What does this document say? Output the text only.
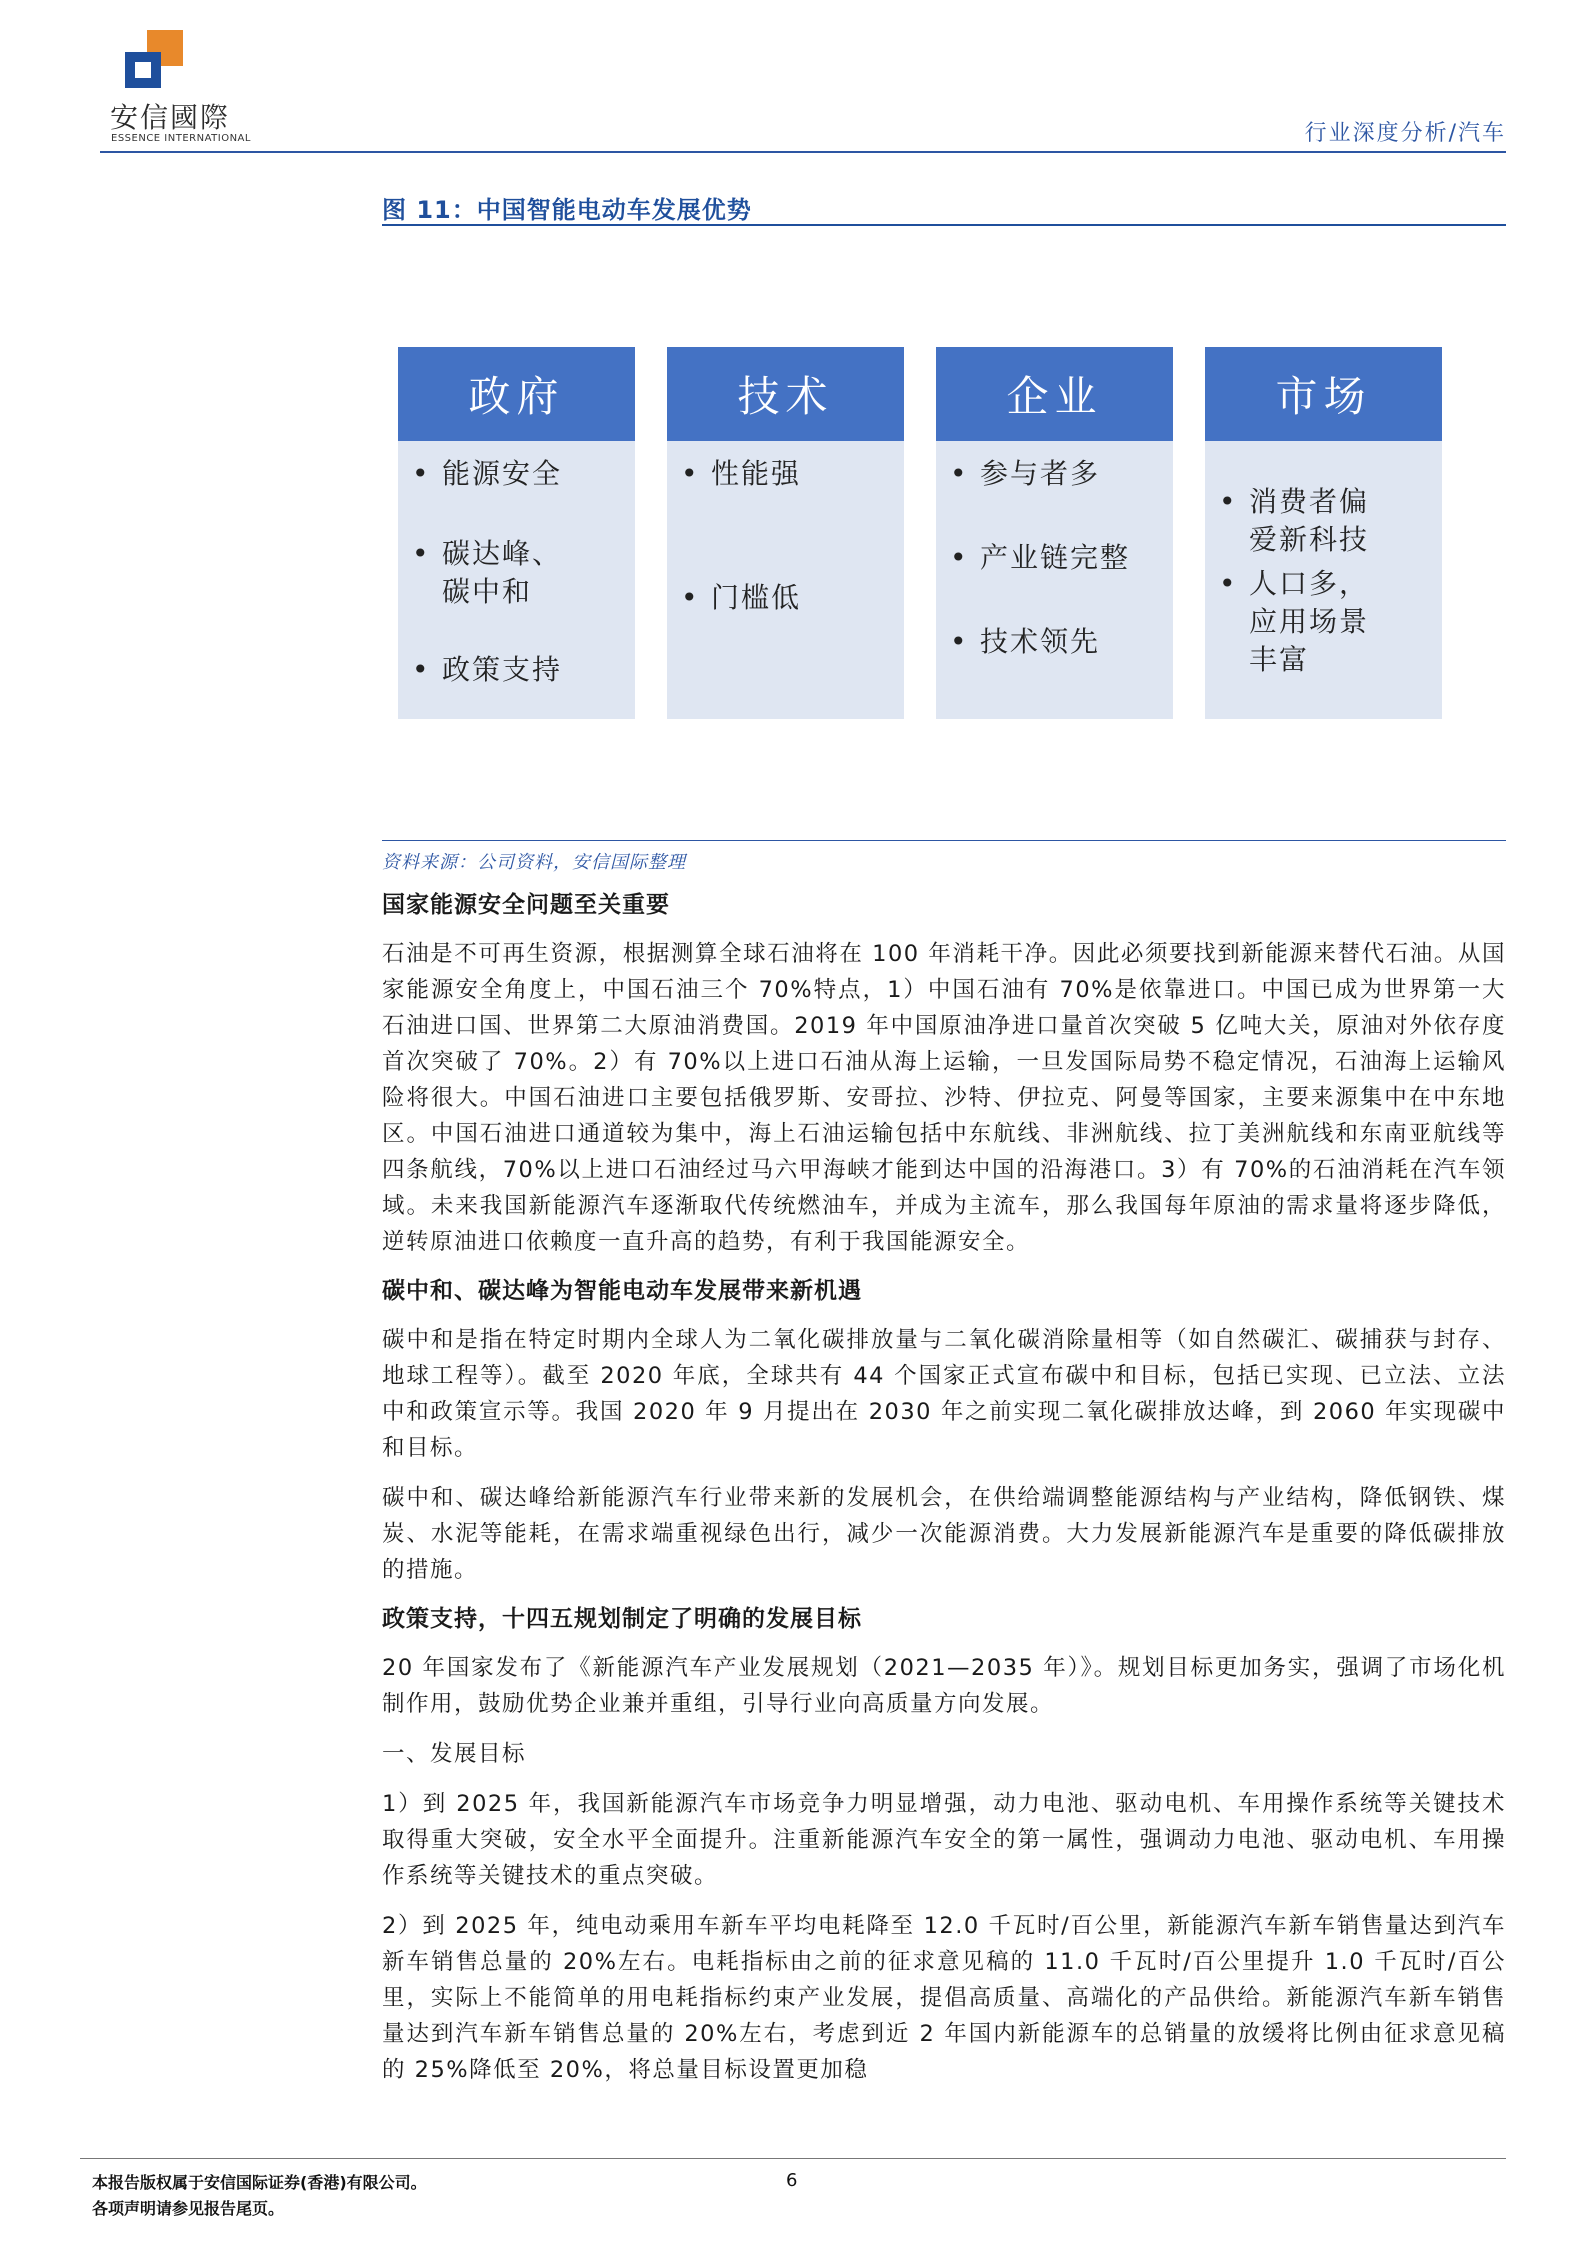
安信國際
ESSENCE INTERNATIONAL	行业深度分析/汽车
图 11：中国智能电动车发展优势
政府
• 能源安全
• 碳达峰、碳中和
• 政策支持
技术
• 性能强
• 门槛低
企业
• 参与者多
• 产业链完整
• 技术领先
市场
• 消费者偏爱新科技
• 人口多，应用场景丰富
资料来源：公司资料，安信国际整理
国家能源安全问题至关重要
石油是不可再生资源，根据测算全球石油将在 100 年消耗干净。因此必须要找到新能源来替代石油。从国家能源安全角度上，中国石油三个 70%特点，1）中国石油有 70%是依靠进口。中国已成为世界第一大石油进口国、世界第二大原油消费国。2019 年中国原油净进口量首次突破 5 亿吨大关，原油对外依存度首次突破了 70%。2）有 70%以上进口石油从海上运输，一旦发国际局势不稳定情况，石油海上运输风险将很大。中国石油进口主要包括俄罗斯、安哥拉、沙特、伊拉克、阿曼等国家，主要来源集中在中东地区。中国石油进口通道较为集中，海上石油运输包括中东航线、非洲航线、拉丁美洲航线和东南亚航线等四条航线，70%以上进口石油经过马六甲海峡才能到达中国的沿海港口。3）有 70%的石油消耗在汽车领域。未来我国新能源汽车逐渐取代传统燃油车，并成为主流车，那么我国每年原油的需求量将逐步降低，逆转原油进口依赖度一直升高的趋势，有利于我国能源安全。
碳中和、碳达峰为智能电动车发展带来新机遇
碳中和是指在特定时期内全球人为二氧化碳排放量与二氧化碳消除量相等（如自然碳汇、碳捕获与封存、地球工程等）。截至 2020 年底，全球共有 44 个国家正式宣布碳中和目标，包括已实现、已立法、立法中和政策宣示等。我国 2020 年 9 月提出在 2030 年之前实现二氧化碳排放达峰，到 2060 年实现碳中和目标。
碳中和、碳达峰给新能源汽车行业带来新的发展机会，在供给端调整能源结构与产业结构，降低钢铁、煤炭、水泥等能耗，在需求端重视绿色出行，减少一次能源消费。大力发展新能源汽车是重要的降低碳排放的措施。
政策支持，十四五规划制定了明确的发展目标
20 年国家发布了《新能源汽车产业发展规划（2021—2035 年）》。规划目标更加务实，强调了市场化机制作用，鼓励优势企业兼并重组，引导行业向高质量方向发展。
一、发展目标
1）到 2025 年，我国新能源汽车市场竞争力明显增强，动力电池、驱动电机、车用操作系统等关键技术取得重大突破，安全水平全面提升。注重新能源汽车安全的第一属性，强调动力电池、驱动电机、车用操作系统等关键技术的重点突破。
2）到 2025 年，纯电动乘用车新车平均电耗降至 12.0 千瓦时/百公里，新能源汽车新车销售量达到汽车新车销售总量的 20%左右。电耗指标由之前的征求意见稿的 11.0 千瓦时/百公里提升 1.0 千瓦时/百公里，实际上不能简单的用电耗指标约束产业发展，提倡高质量、高端化的产品供给。新能源汽车新车销售量达到汽车新车销售总量的 20%左右，考虑到近 2 年国内新能源车的总销量的放缓将比例由征求意见稿的 25%降低至 20%，将总量目标设置更加稳
本报告版权属于安信国际证券(香港)有限公司。
各项声明请参见报告尾页。
6
